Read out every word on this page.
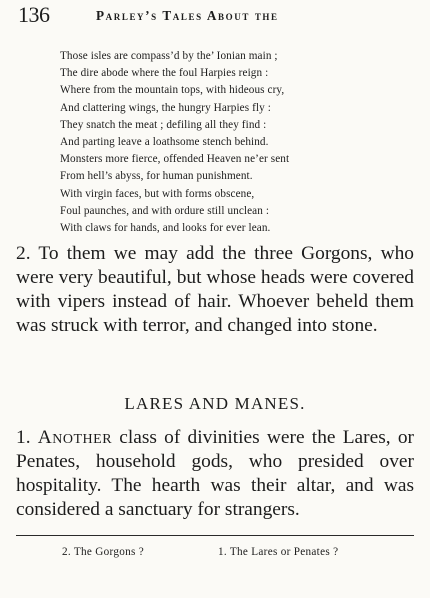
136	Parley’s Tales About the
Those isles are compass’d by the’ Ionian main ;
The dire abode where the foul Harpies reign :
Where from the mountain tops, with hideous cry,
And clattering wings, the hungry Harpies fly :
They snatch the meat ; defiling all they find :
And parting leave a loathsome stench behind.
Monsters more fierce, offended Heaven ne’er sent
From hell’s abyss, for human punishment.
With virgin faces, but with forms obscene,
Foul paunches, and with ordure still unclean :
With claws for hands, and looks for ever lean.

2. To them we may add the three Gorgons, who were very beautiful, but whose heads were covered with vipers instead of hair. Whoever beheld them was struck with terror, and changed into stone.

LARES AND MANES.

1. Another class of divinities were the Lares, or Penates, household gods, who presided over hospitality. The hearth was their altar, and was considered a sanctuary for strangers.

2. The Gorgons ?	1. The Lares or Penates ?
